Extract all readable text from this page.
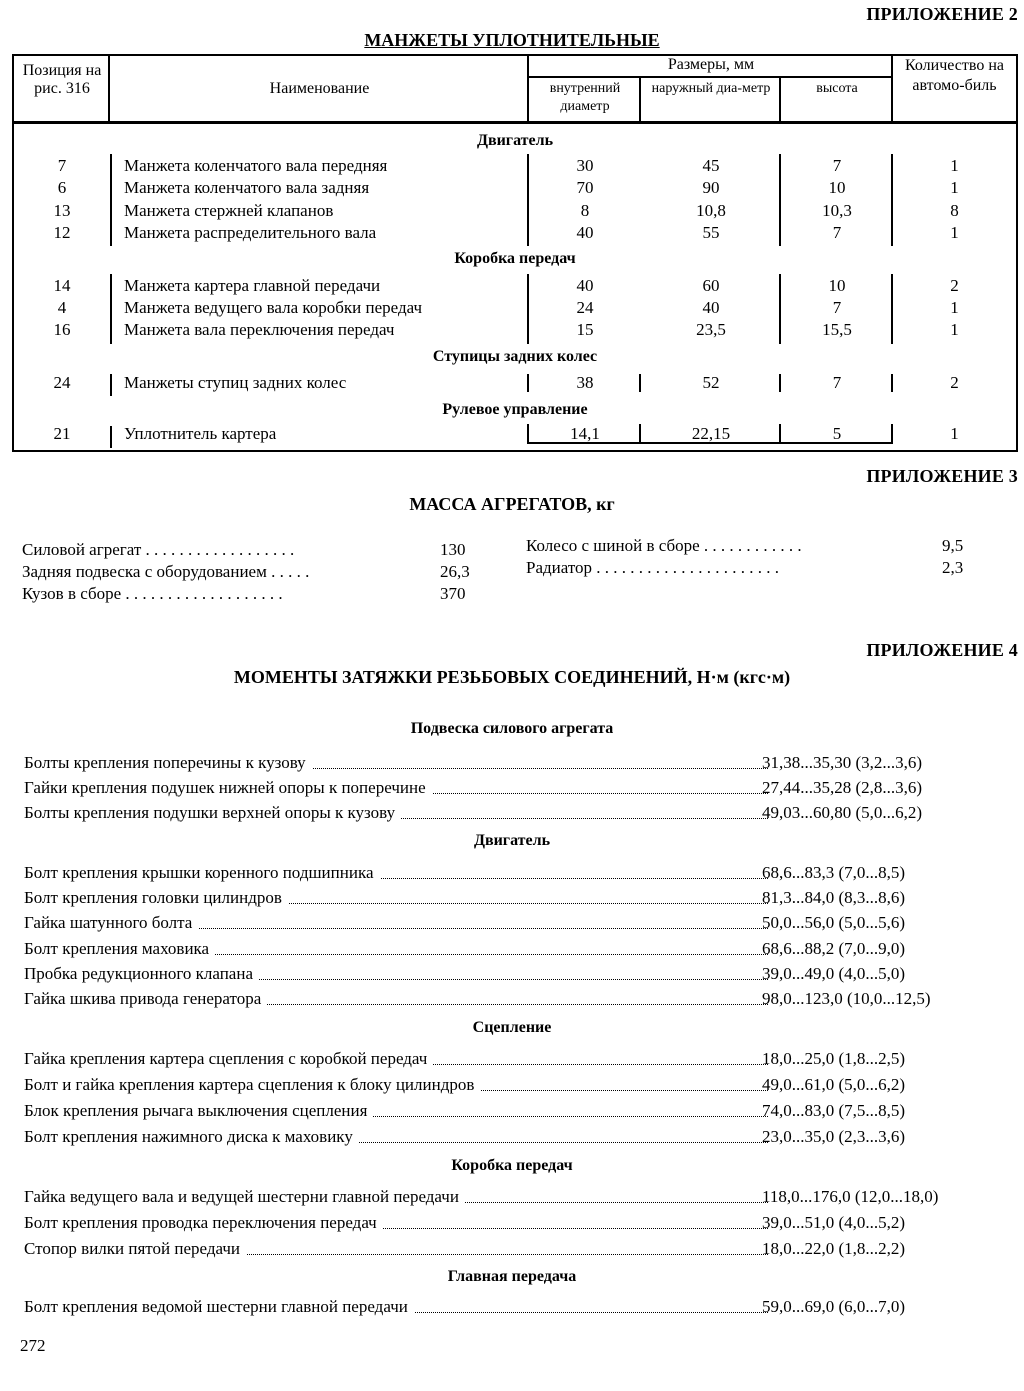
ПРИЛОЖЕНИЕ 2
МАНЖЕТЫ УПЛОТНИТЕЛЬНЫЕ
Позиция на рис. 316	Наименование
Размеры, мм
внутренний диаметр
наружный диа-метр	высота
Количество на автомо-биль
Двигатель
7	Манжета коленчатого вала передняя	30	45	7	1
6	Манжета коленчатого вала задняя	70	90	10	1
13	Манжета стержней клапанов	8	10,8	10,3	8
12	Манжета распределительного вала	40	55	7	1
Коробка передач
14	Манжета картера главной передачи	40	60	10	2
4	Манжета ведущего вала коробки передач	24	40	7	1
16	Манжета вала переключения передач	15	23,5	15,5	1
Ступицы задних колес
24	Манжеты ступиц задних колес	38	52	7	2
Рулевое управление
21	Уплотнитель картера	14,1	22,15	5	1
ПРИЛОЖЕНИЕ 3
МАССА АГРЕГАТОВ, кг
Силовой агрегат . . . . . . . . . . . . . . . . . .	130
Задняя подвеска с оборудованием . . . . .	26,3
Кузов в сборе . . . . . . . . . . . . . . . . . . .	370
Колесо с шиной в сборе . . . . . . . . . . . .	9,5
Радиатор . . . . . . . . . . . . . . . . . . . . . .	2,3
ПРИЛОЖЕНИЕ 4
МОМЕНТЫ ЗАТЯЖКИ РЕЗЬБОВЫХ СОЕДИНЕНИЙ, Н·м (кгс·м)
Подвеска силового агрегата
Болты крепления поперечины к кузову	31,38...35,30 (3,2...3,6)
Гайки крепления подушек нижней опоры к поперечине	27,44...35,28 (2,8...3,6)
Болты крепления подушки верхней опоры к кузову	49,03...60,80 (5,0...6,2)
Двигатель
Болт крепления крышки коренного подшипника	68,6...83,3 (7,0...8,5)
Болт крепления головки цилиндров	81,3...84,0 (8,3...8,6)
Гайка шатунного болта	50,0...56,0 (5,0...5,6)
Болт крепления маховика	68,6...88,2 (7,0...9,0)
Пробка редукционного клапана	39,0...49,0 (4,0...5,0)
Гайка шкива привода генератора	98,0...123,0 (10,0...12,5)
Сцепление
Гайка крепления картера сцепления с коробкой передач	18,0...25,0 (1,8...2,5)
Болт и гайка крепления картера сцепления к блоку цилиндров	49,0...61,0 (5,0...6,2)
Блок крепления рычага выключения сцепления	74,0...83,0 (7,5...8,5)
Болт крепления нажимного диска к маховику	23,0...35,0 (2,3...3,6)
Коробка передач
Гайка ведущего вала и ведущей шестерни главной передачи	118,0...176,0 (12,0...18,0)
Болт крепления проводка переключения передач	39,0...51,0 (4,0...5,2)
Стопор вилки пятой передачи	18,0...22,0 (1,8...2,2)
Главная передача
Болт крепления ведомой шестерни главной передачи	59,0...69,0 (6,0...7,0)
272
